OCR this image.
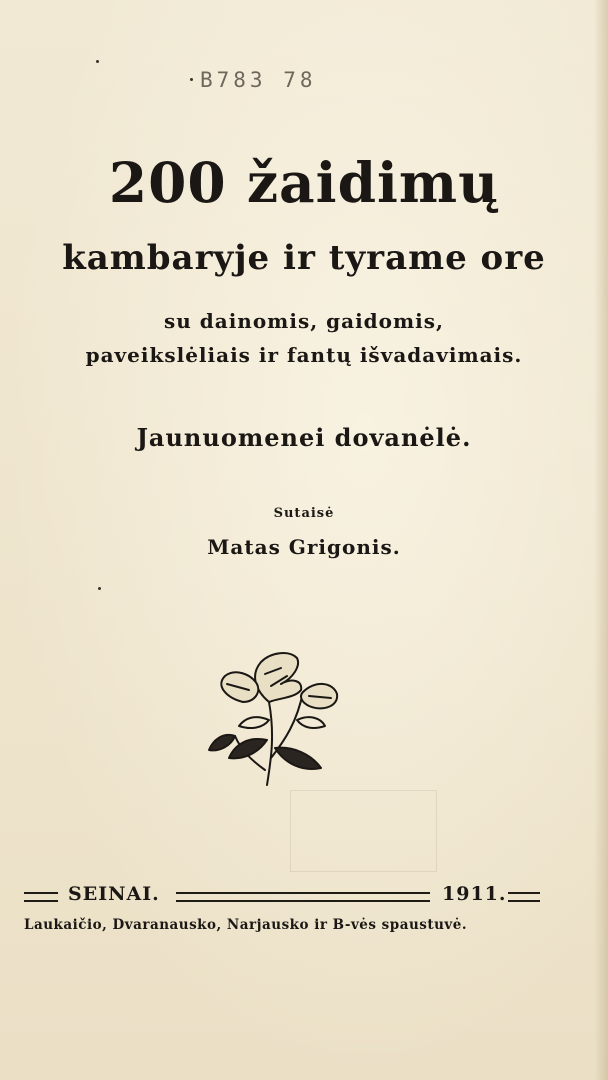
B783 78
200 žaidimų
kambaryje ir tyrame ore
su dainomis, gaidomis,
paveikslėliais ir fantų išvadavimais.
Jaunuomenei dovanėlė.
Sutaisė
Matas Grigonis.
SEINAI.	1911.
Laukaičio, Dvaranausko, Narjausko ir B-vės spaustuvė.
